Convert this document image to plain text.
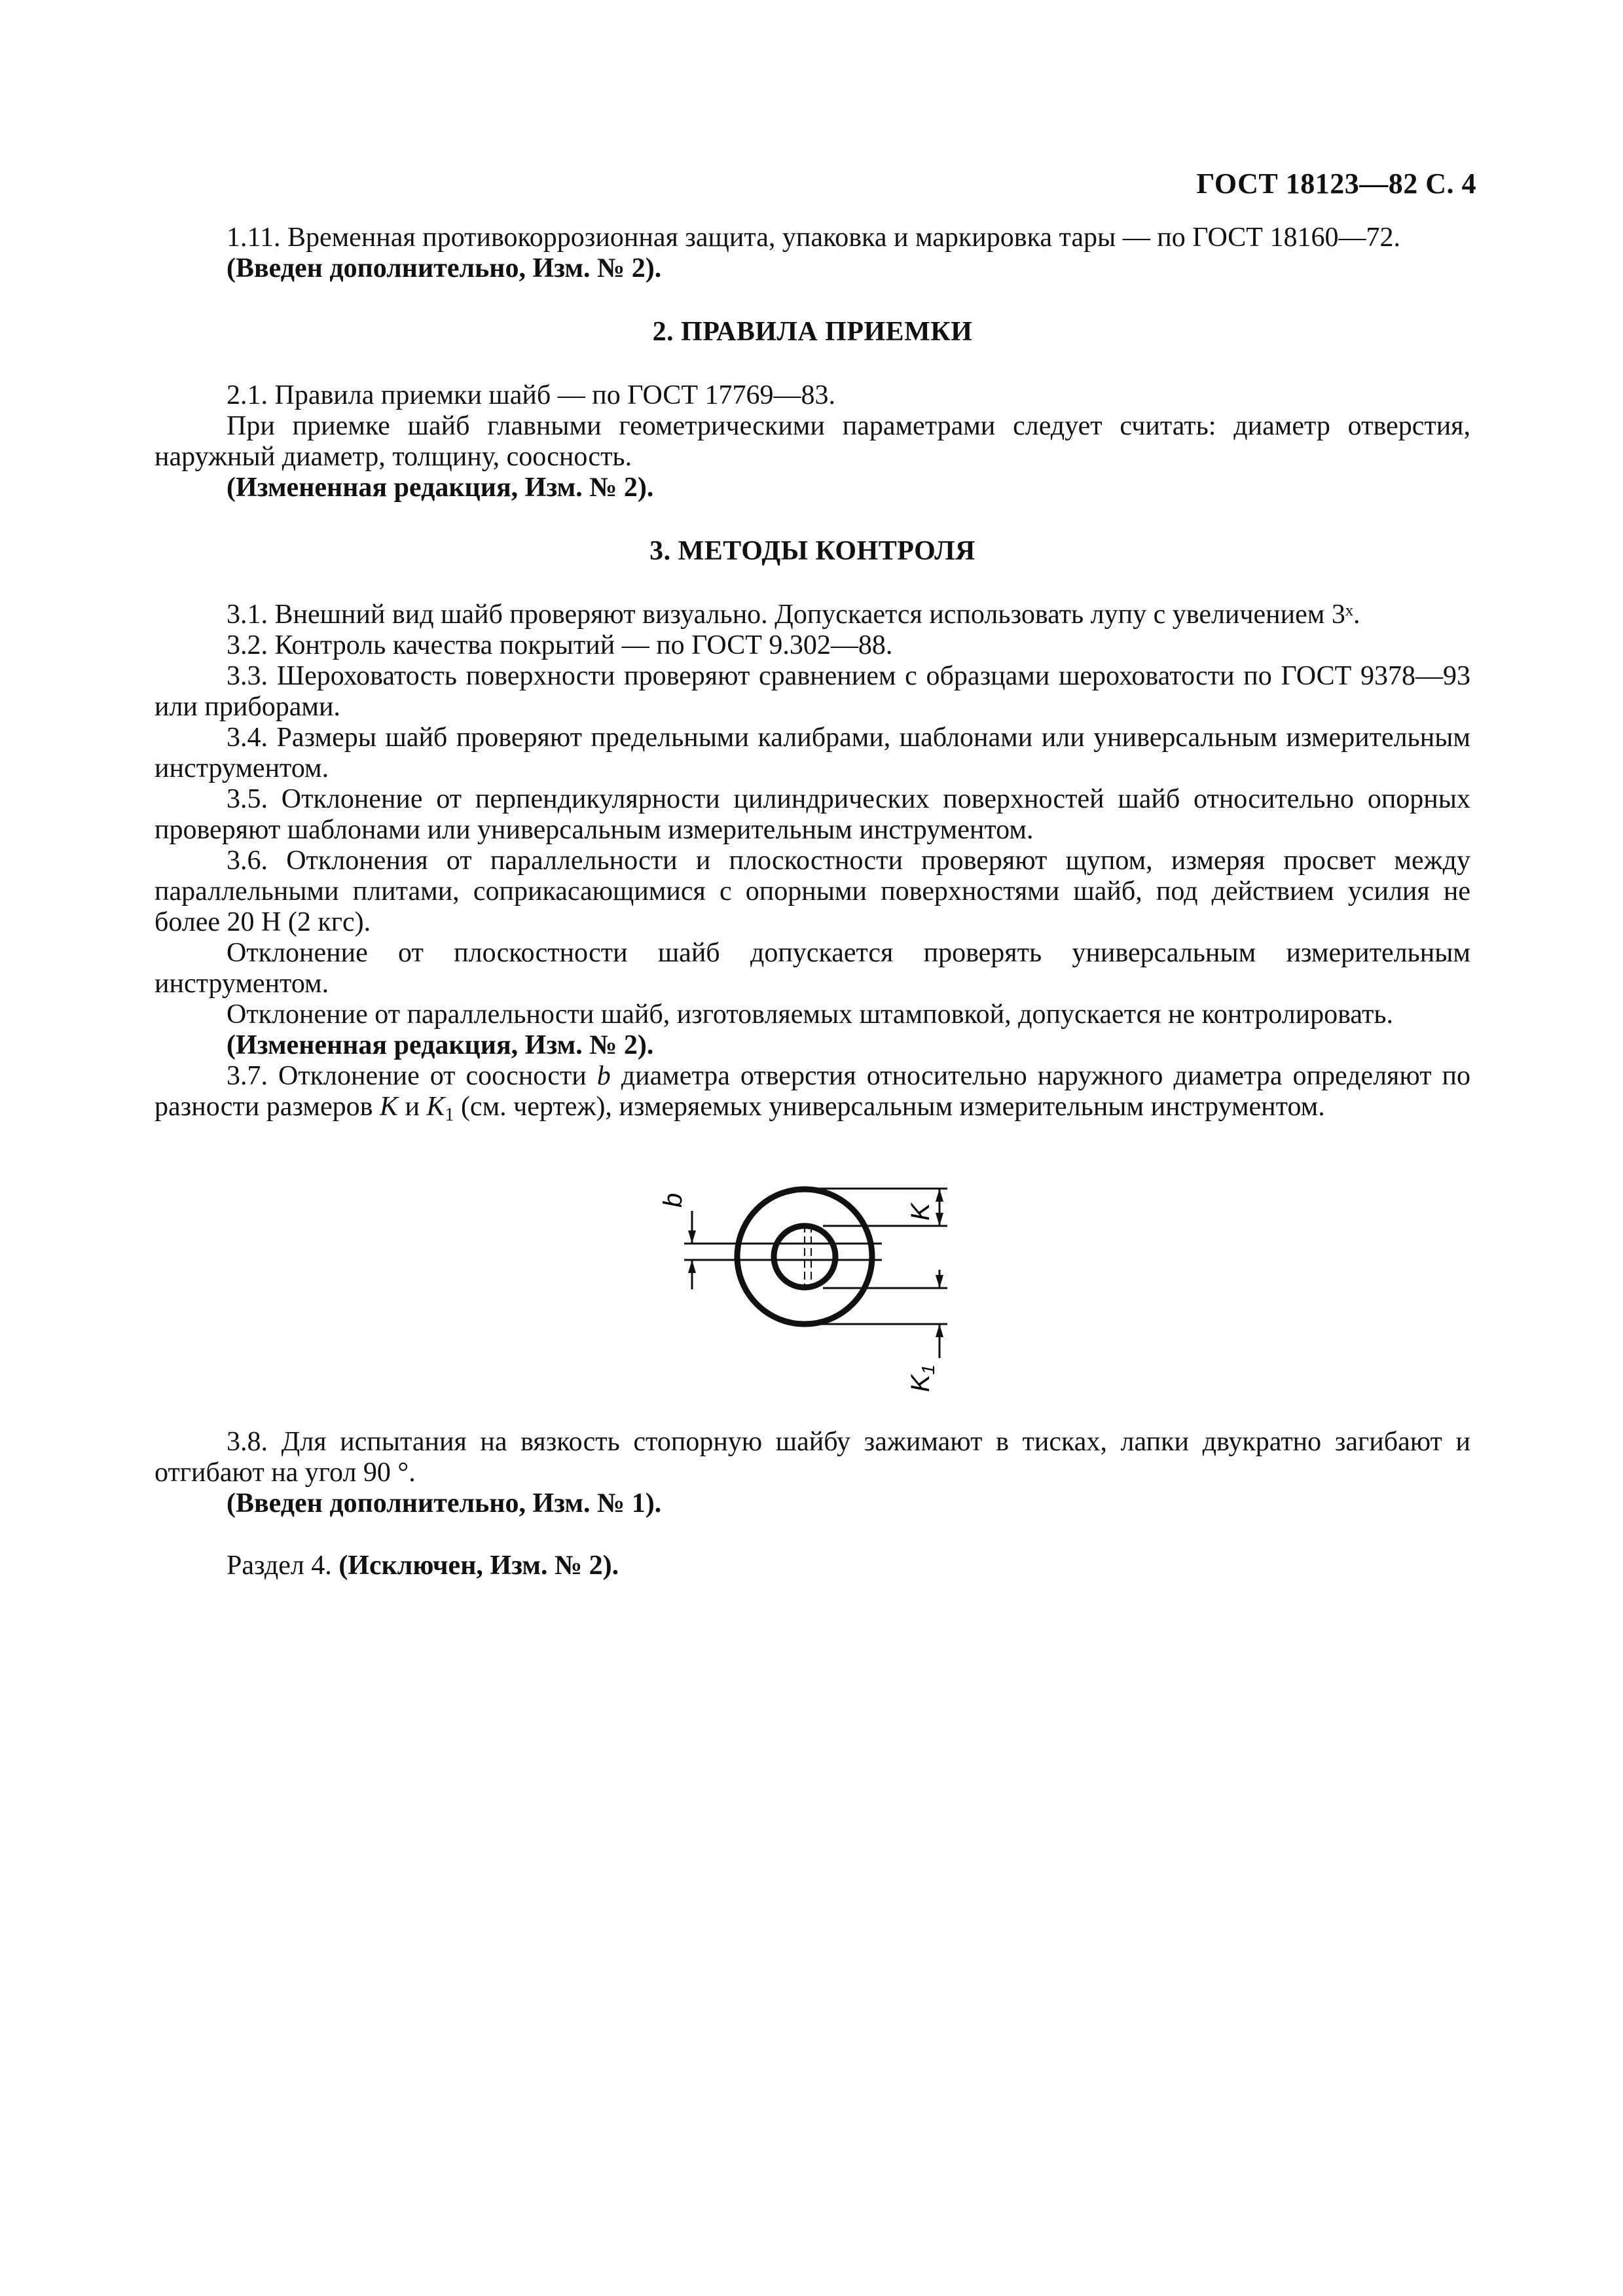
ГОСТ 18123—82 С. 4

1.11. Временная противокоррозионная защита, упаковка и маркировка тары — по ГОСТ 18160—72.

(Введен дополнительно, Изм. № 2).

2. ПРАВИЛА ПРИЕМКИ

2.1. Правила приемки шайб — по ГОСТ 17769—83.

При приемке шайб главными геометрическими параметрами следует считать: диаметр отверстия, наружный диаметр, толщину, соосность.

(Измененная редакция, Изм. № 2).

3. МЕТОДЫ КОНТРОЛЯ

3.1. Внешний вид шайб проверяют визуально. Допускается использовать лупу с увеличением 3ˣ.

3.2. Контроль качества покрытий — по ГОСТ 9.302—88.

3.3. Шероховатость поверхности проверяют сравнением с образцами шероховатости по ГОСТ 9378—93 или приборами.

3.4. Размеры шайб проверяют предельными калибрами, шаблонами или универсальным измерительным инструментом.

3.5. Отклонение от перпендикулярности цилиндрических поверхностей шайб относительно опорных проверяют шаблонами или универсальным измерительным инструментом.

3.6. Отклонения от параллельности и плоскостности проверяют щупом, измеряя просвет между параллельными плитами, соприкасающимися с опорными поверхностями шайб, под действием усилия не более 20 Н (2 кгс).

Отклонение от плоскостности шайб допускается проверять универсальным измерительным инструментом.

Отклонение от параллельности шайб, изготовляемых штамповкой, допускается не контролировать.

(Измененная редакция, Изм. № 2).

3.7. Отклонение от соосности b диаметра отверстия относительно наружного диаметра определяют по разности размеров K и $K_1$ (см. чертеж), измеряемых универсальным измерительным инструментом.

b
K
$K_1$

3.8. Для испытания на вязкость стопорную шайбу зажимают в тисках, лапки двукратно загибают и отгибают на угол 90 °.

(Введен дополнительно, Изм. № 1).

Раздел 4. (Исключен, Изм. № 2).
